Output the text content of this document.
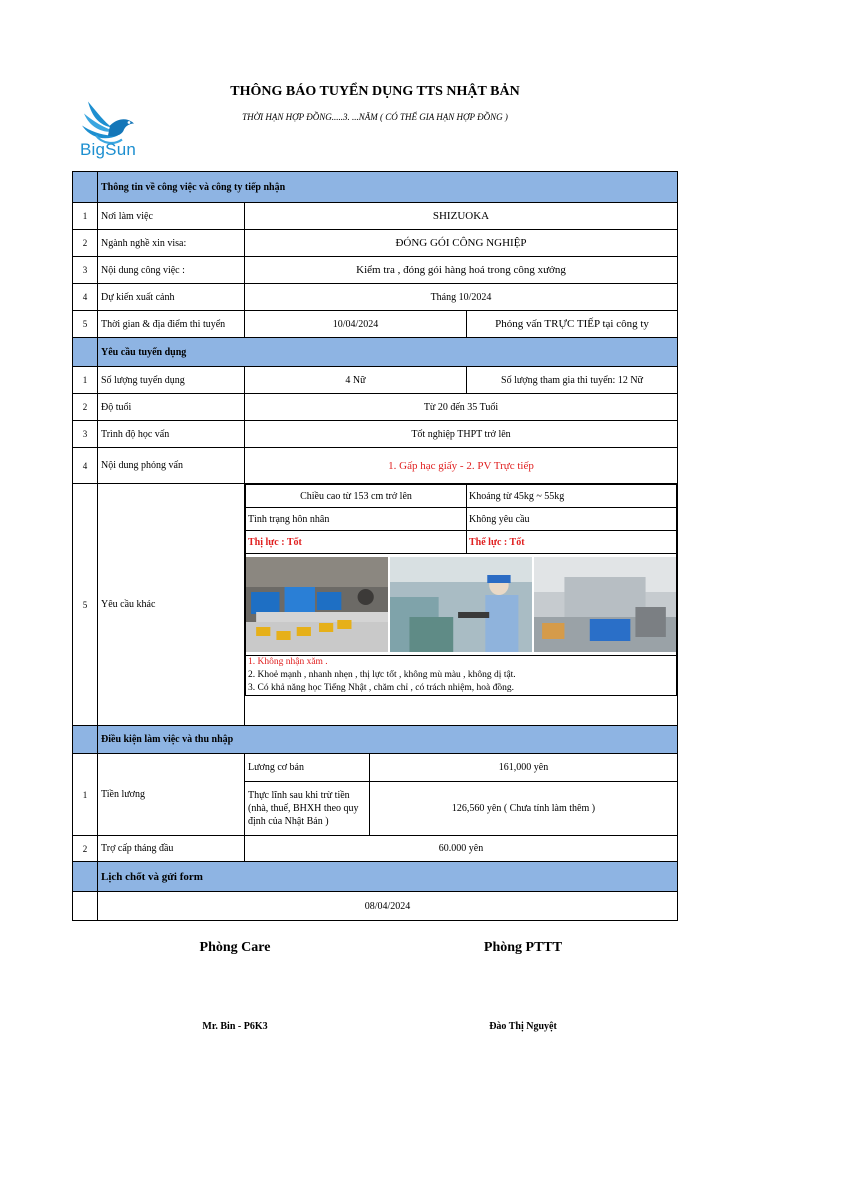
BigSun
THÔNG BÁO TUYỂN DỤNG TTS NHẬT BẢN
THỜI HẠN HỢP ĐỒNG.....3. ...NĂM ( CÓ THỂ GIA HẠN HỢP ĐỒNG )
	Thông tin về công việc và công ty tiếp nhận
1	Nơi làm việc	SHIZUOKA
2	Ngành nghề xin visa:	ĐÓNG GÓI CÔNG NGHIỆP
3	Nội dung công việc :	Kiểm tra , đóng gói hàng hoá trong công xưởng
4	Dự kiến xuất cảnh	Tháng 10/2024
5	Thời gian & địa điểm thi tuyển	10/04/2024	Phỏng vấn TRỰC TIẾP tại công ty
	Yêu cầu tuyển dụng
1	Số lượng tuyển dụng	4 Nữ	Số lượng tham gia thi tuyển: 12 Nữ
2	Độ tuổi	Từ 20 đến 35 Tuổi
3	Trình độ học vấn	Tốt nghiệp THPT trở lên
4	Nội dung phỏng vấn	1. Gấp hạc giấy - 2. PV Trực tiếp
5	Yêu cầu khác	
Chiều cao từ 153 cm trở lên	Khoảng từ 45kg ~ 55kg
Tình trạng hôn nhân	Không yêu cầu
Thị lực : Tốt	Thể lực : Tốt

1. Không nhận xăm .
2. Khoẻ mạnh , nhanh nhẹn , thị lực tốt , không mù màu , không dị tật.
3. Có khả năng học Tiếng Nhật , chăm chỉ , có trách nhiệm, hoà đồng.

	Điều kiện làm việc và thu nhập
1	Tiền lương	Lương cơ bản	161,000 yên
Thực lĩnh sau khi trừ tiền (nhà, thuế, BHXH theo quy định của Nhật Bản )	126,560 yên ( Chưa tính làm thêm )
2	Trợ cấp tháng đầu	60.000 yên
	Lịch chốt và gửi form
	08/04/2024
Phòng Care	Phòng PTTT
Mr. Bin - P6K3	Đào Thị Nguyệt
